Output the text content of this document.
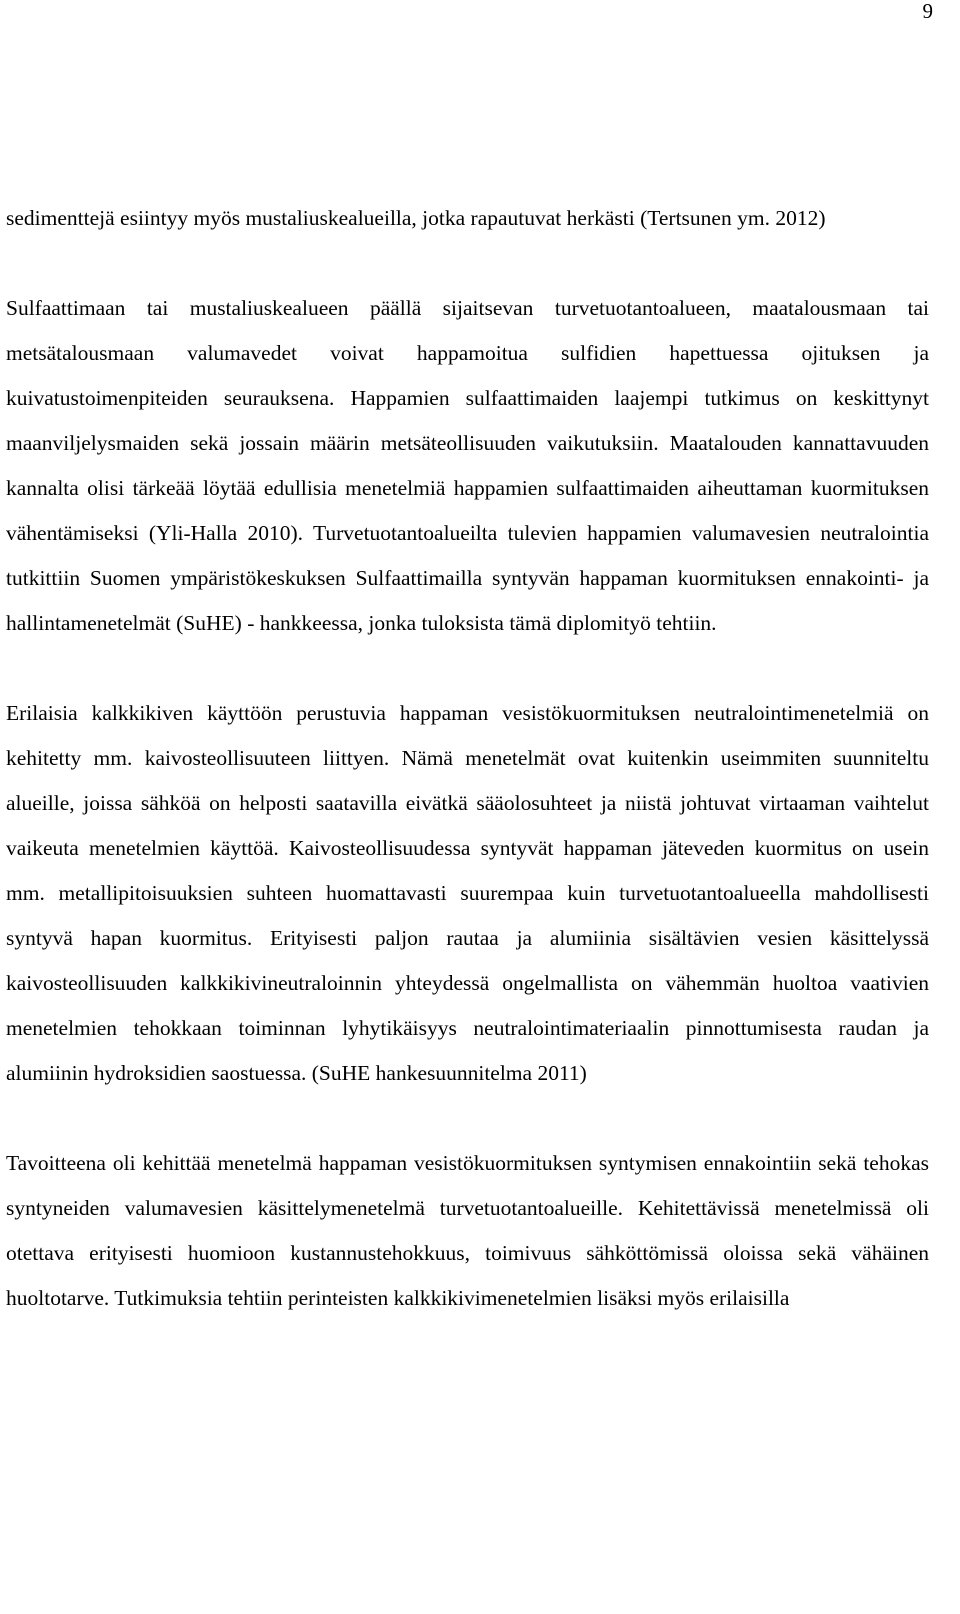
9

sedimenttejä esiintyy myös mustaliuskealueilla, jotka rapautuvat herkästi (Tertsunen ym. 2012)

Sulfaattimaan tai mustaliuskealueen päällä sijaitsevan turvetuotantoalueen, maatalousmaan tai metsätalousmaan valumavedet voivat happamoitua sulfidien hapettuessa ojituksen ja kuivatustoimenpiteiden seurauksena. Happamien sulfaattimaiden laajempi tutkimus on keskittynyt maanviljelysmaiden sekä jossain määrin metsäteollisuuden vaikutuksiin. Maatalouden kannattavuuden kannalta olisi tärkeää löytää edullisia menetelmiä happamien sulfaattimaiden aiheuttaman kuormituksen vähentämiseksi (Yli-Halla 2010). Turvetuotantoalueilta tulevien happamien valumavesien neutralointia tutkittiin Suomen ympäristökeskuksen Sulfaattimailla syntyvän happaman kuormituksen ennakointi- ja hallintamenetelmät (SuHE) - hankkeessa, jonka tuloksista tämä diplomityö tehtiin.

Erilaisia kalkkikiven käyttöön perustuvia happaman vesistökuormituksen neutralointimenetelmiä on kehitetty mm. kaivosteollisuuteen liittyen. Nämä menetelmät ovat kuitenkin useimmiten suunniteltu alueille, joissa sähköä on helposti saatavilla eivätkä sääolosuhteet ja niistä johtuvat virtaaman vaihtelut vaikeuta menetelmien käyttöä. Kaivosteollisuudessa syntyvät happaman jäteveden kuormitus on usein mm. metallipitoisuuksien suhteen huomattavasti suurempaa kuin turvetuotantoalueella mahdollisesti syntyvä hapan kuormitus. Erityisesti paljon rautaa ja alumiinia sisältävien vesien käsittelyssä kaivosteollisuuden kalkkikivineutraloinnin yhteydessä ongelmallista on vähemmän huoltoa vaativien menetelmien tehokkaan toiminnan lyhytikäisyys neutralointimateriaalin pinnottumisesta raudan ja alumiinin hydroksidien saostuessa. (SuHE hankesuunnitelma 2011)

Tavoitteena oli kehittää menetelmä happaman vesistökuormituksen syntymisen ennakointiin sekä tehokas syntyneiden valumavesien käsittelymenetelmä turvetuotantoalueille. Kehitettävissä menetelmissä oli otettava erityisesti huomioon kustannustehokkuus, toimivuus sähköttömissä oloissa sekä vähäinen huoltotarve. Tutkimuksia tehtiin perinteisten kalkkikivimenetelmien lisäksi myös erilaisilla
